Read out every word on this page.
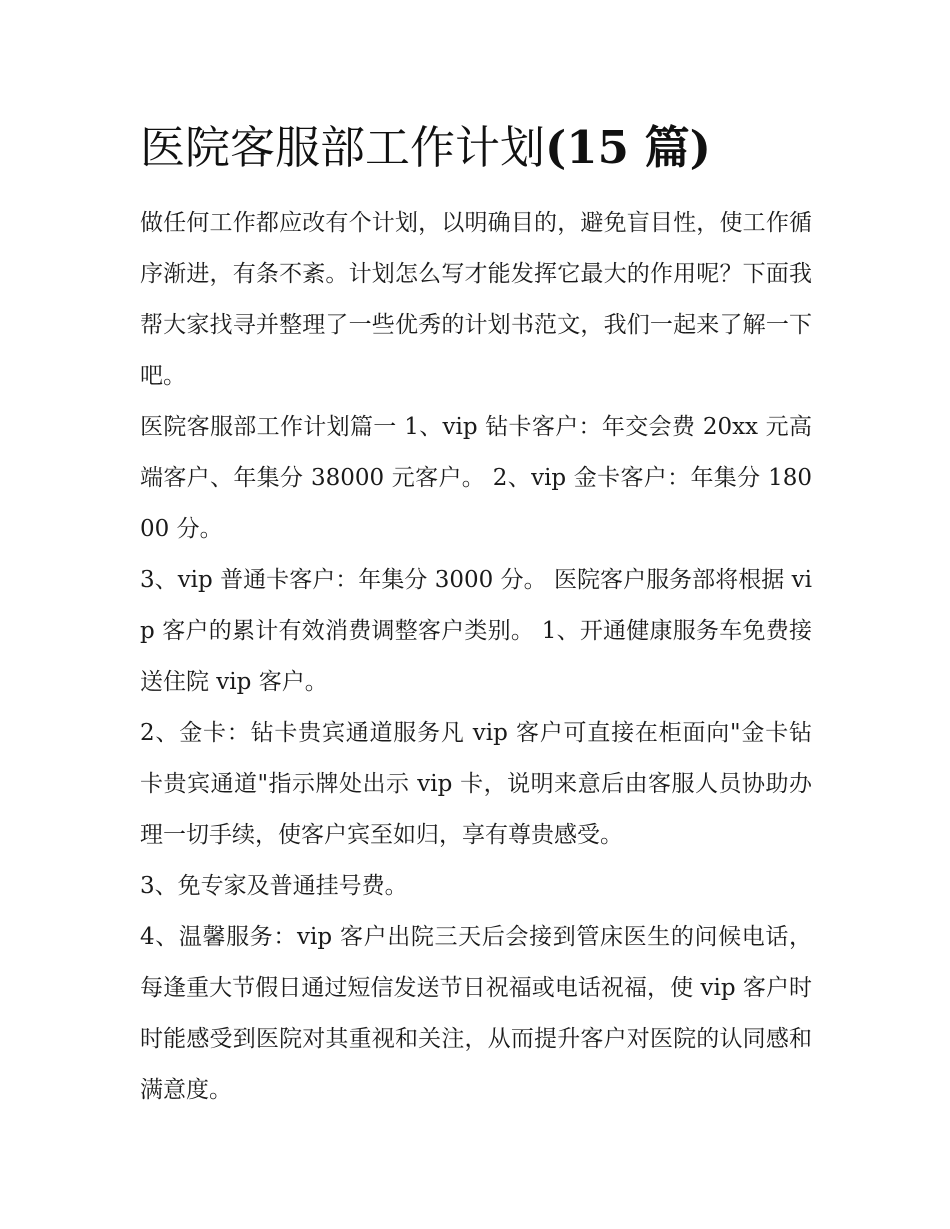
医院客服部工作计划(15 篇)

做任何工作都应改有个计划，以明确目的，避免盲目性，使工作循序渐进，有条不紊。计划怎么写才能发挥它最大的作用呢？下面我帮大家找寻并整理了一些优秀的计划书范文，我们一起来了解一下吧。

医院客服部工作计划篇一 1、vip 钻卡客户：年交会费 20xx 元高端客户、年集分 38000 元客户。 2、vip 金卡客户：年集分 18000 分。

3、vip 普通卡客户：年集分 3000 分。 医院客户服务部将根据 vip 客户的累计有效消费调整客户类别。 1、开通健康服务车免费接送住院 vip 客户。

2、金卡：钻卡贵宾通道服务凡 vip 客户可直接在柜面向"金卡钻卡贵宾通道"指示牌处出示 vip 卡，说明来意后由客服人员协助办理一切手续，使客户宾至如归，享有尊贵感受。

3、免专家及普通挂号费。

4、温馨服务：vip 客户出院三天后会接到管床医生的问候电话，每逢重大节假日通过短信发送节日祝福或电话祝福，使 vip 客户时时能感受到医院对其重视和关注，从而提升客户对医院的认同感和满意度。
